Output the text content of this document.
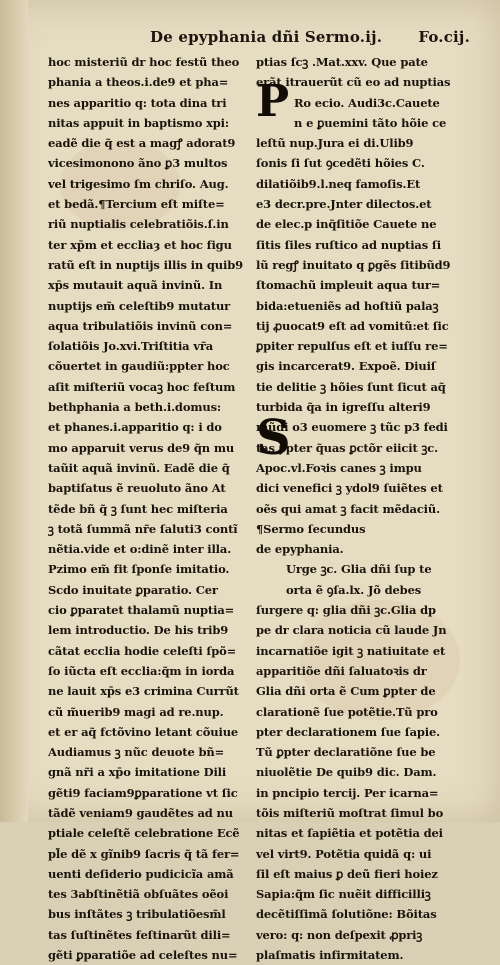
De epyphania dñi Sermo.ij. Fo.cij.
hoc misteriũ dr hoc festũ theo
phania a theos.i.de9 et pha=
nes apparitio q: tota dina tri
nitas appuit in baptismo xpi:
eadẽ die q̃ est a magꝭ adorat9
vicesimonono ãno ꝑ3 multos
vel trigesimo ſm chriſo. Aug.
et bedã.¶Tercium eſt miſte=
riũ nuptialis celebratiõis.ſ.in
ter xp̄m et eccliaȝ et hoc figu
ratũ eſt in nuptijs illis in quib9
xp̄s mutauit aquã invinũ. In
nuptijs em̃ celeſtib9 mutatur
aqua tribulatiõis invinũ con=
ſolatiõis Jo.xvi.Triſtitia vr̃a
cõuertet in gaudiũ:ppter hoc
aſit miſteriũ vocaꝫ hoc feſtum
bethphania a beth.i.domus:
et phanes.i.apparitio q: i do
mo apparuit verus de9 q̃n mu
taũit aquã invinũ. Eadẽ die q̃
baptiſatus ẽ reuoluto ãno At
tẽde bñ q̃ ꝫ ſunt hec miſteria
ꝫ totã ſummã nr̃e ſaluti3 contĩ
nẽtia.vide et o:dinẽ inter illa.
Pzimo em̃ fit ſponſe imitatio.
Scdo inuitate ꝑparatio. Cer
cio ꝑparatet thalamũ nuptia=
lem introductio. De his trib9
cãtat ecclia hodie celeſti ſpõ=
ſo iũcta eſt ecclia:q̃m in iorda
ne lauit xp̄s e3 crimina Currũt
cũ m̃uerib9 magi ad re.nup.
et er aq̃ fctõvino letant cõuiue
Audiamus ꝫ nũc deuote bñ=
gnã nr̃i a xp̄o imitatione Dili
gẽti9 faciam9ꝑparatione vt ſic
tãdẽ veniam9 gaudẽtes ad nu
ptiale celeſtẽ celebratione Ecẽ
pl̃e dẽ x gĩnib9 ſacris q̃ tã fer=
uenti deſiderio pudicicĩa amã
tes 3abſtinẽtiã obſuãtes oẽoi
bus inſtãtes ꝫ tribulatiõesm̃l
tas ſuſtinẽtes feſtinarũt dili=
gẽti ꝑparatiõe ad celeſtes nu=
ptias ſcꝫ .Mat.xxv. Que pate
erãt itrauerũt cũ eo ad nuptias
Ro ecio. Audi3c.Cauete
n e ꝑuemini tãto hõie ce
leſtũ nup.Jura ei di.Ulib9
ſonis ſi ſut ꝯcedẽti hõies C.
dilatiõib9.l.neq famoſis.Et
e3 decr.pre.Jnter dilectos.et
de elec.p inq̃ſitiõe Cauete ne
ſitis ſiles ruſtico ad nuptias ſi
lũ regꝭ inuitato q ꝑgẽs ſitibũd9
ſtomachũ impleuit aqua tur=
bida:etueniẽs ad hoſtiũ palaꝫ
tij ꝓuocat9 eſt ad vomitũ:et ſic
ꝑpiter repulſus eſt et iuſſu re=
gis incarcerat9. Expoẽ. Diuiſ
tie delitie ꝫ hõies ſunt ſicut aq̃
turbida q̃a in igreſſu alteri9
mũdi o3 euomere ꝫ tũc p3 fedi
tas ꝑpter q̃uas ꝑctõr eiicit ꝫc.
Apoc.vl.Foꝛis canes ꝫ impu
dici venefici ꝫ ydol9 ſuiẽtes et
oẽs qui amat ꝫ facit mẽdaciũ.
¶Sermo ſecundus
de epyphania.
Urge ꝫc. Glia dñi ſup te
orta ẽ ꝯſa.lx. Jõ debes
ſurgere q: glia dñi ꝫc.Glia dp
pe dr clara noticia cũ laude Jn
incarnatiõe igit ꝫ natiuitate et
apparitiõe dñi ſaluatoꝛis dr
Glia dñi orta ẽ Cum ꝑpter de
clarationẽ ſue potẽtie.Tũ pro
pter declarationem ſue ſapie.
Tũ ꝑpter declaratiõne ſue be
niuolẽtie De quib9 dic. Dam.
in pncipio tercij. Per icarna=
tõis miſteriũ moſtrat ſimul bo
nitas et ſapiẽtia et potẽtia dei
vel virt9. Potẽtia quidã q: ui
ſil eſt maius ꝑ deũ fieri hoiez
Sapia:q̃m ſic nuẽit difficilliꝫ
decẽtiſſimã ſolutiõne: Bõitas
vero: q: non deſpexit ꝓpriꝫ
plaſmatis infirmitatem.
P
S
